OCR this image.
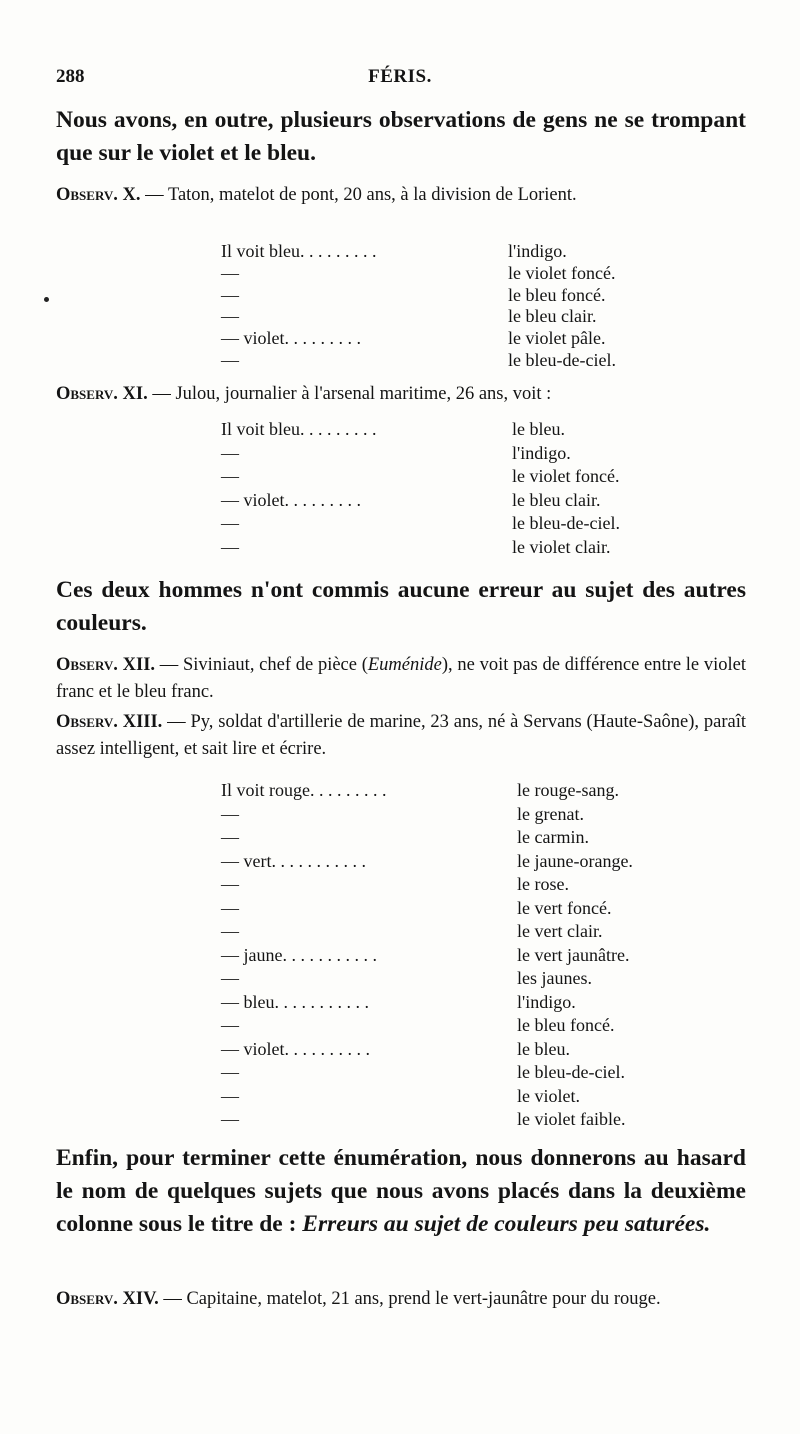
288	FÉRIS.
Nous avons, en outre, plusieurs observations de gens ne se trompant que sur le violet et le bleu.
Observ. X. — Taton, matelot de pont, 20 ans, à la division de Lorient.
Il voit bleu. . . . . . . . .	l'indigo.
—	le violet foncé.
—	le bleu foncé.
—	le bleu clair.
— violet. . . . . . . . .	le violet pâle.
—	le bleu-de-ciel.
Observ. XI. — Julou, journalier à l'arsenal maritime, 26 ans, voit :
Il voit bleu. . . . . . . . .	le bleu.
—	l'indigo.
—	le violet foncé.
— violet. . . . . . . . .	le bleu clair.
—	le bleu-de-ciel.
—	le violet clair.
Ces deux hommes n'ont commis aucune erreur au sujet des autres couleurs.
Observ. XII. — Siviniaut, chef de pièce (Euménide), ne voit pas de différence entre le violet franc et le bleu franc.
Observ. XIII. — Py, soldat d'artillerie de marine, 23 ans, né à Servans (Haute-Saône), paraît assez intelligent, et sait lire et écrire.
Il voit rouge. . . . . . . . .	le rouge-sang.
—	le grenat.
—	le carmin.
— vert. . . . . . . . . . .	le jaune-orange.
—	le rose.
—	le vert foncé.
—	le vert clair.
— jaune. . . . . . . . . . .	le vert jaunâtre.
—	les jaunes.
— bleu. . . . . . . . . . .	l'indigo.
—	le bleu foncé.
— violet. . . . . . . . . .	le bleu.
—	le bleu-de-ciel.
—	le violet.
—	le violet faible.
Enfin, pour terminer cette énumération, nous donnerons au hasard le nom de quelques sujets que nous avons placés dans la deuxième colonne sous le titre de : Erreurs au sujet de couleurs peu saturées.
Observ. XIV. — Capitaine, matelot, 21 ans, prend le vert-jaunâtre pour du rouge.
